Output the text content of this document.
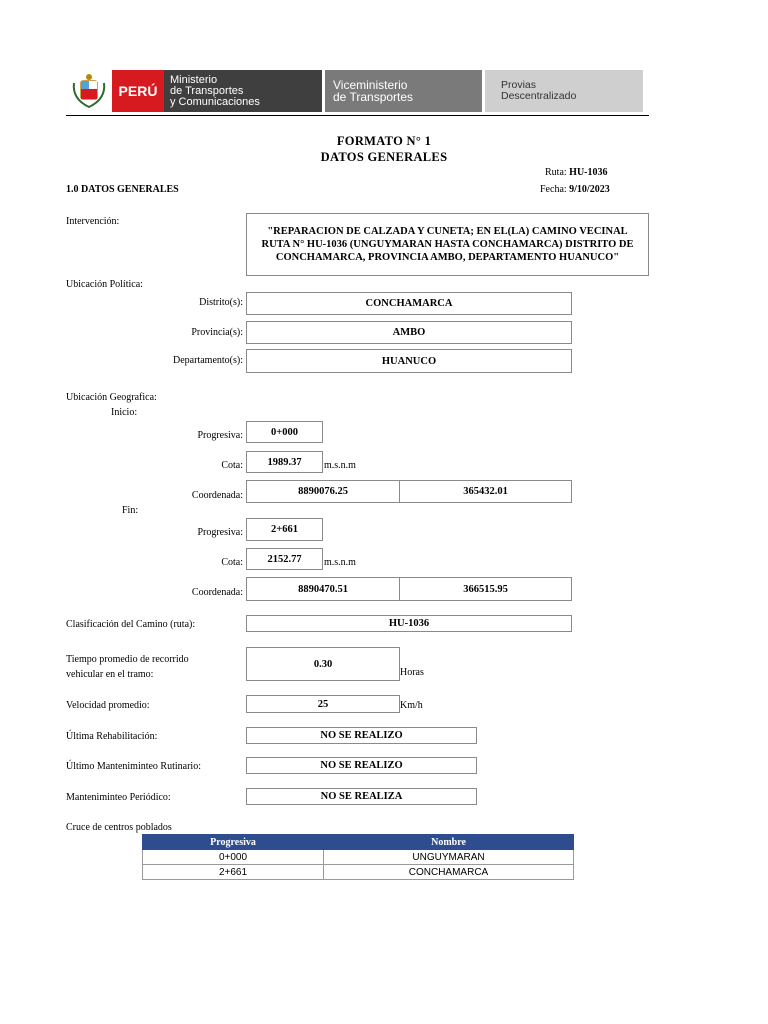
PERÚ
Ministerio
de Transportes
y Comunicaciones
Viceministerio
de Transportes
Provias
Descentralizado
FORMATO N° 1
DATOS GENERALES
Ruta: HU-1036
1.0 DATOS GENERALES	Fecha: 9/10/2023
Intervención:
"REPARACION DE CALZADA Y CUNETA; EN EL(LA) CAMINO VECINAL RUTA N° HU-1036 (UNGUYMARAN HASTA CONCHAMARCA) DISTRITO DE CONCHAMARCA, PROVINCIA AMBO, DEPARTAMENTO HUANUCO"
Ubicación Política:
Distrito(s):	CONCHAMARCA
Provincia(s):	AMBO
Departamento(s):	HUANUCO
Ubicación Geografica:
Inicio:
Progresiva:	0+000
Cota: 1989.37 m.s.n.m
Coordenada:	8890076.25	365432.01
Fin:
Progresiva:	2+661
Cota: 2152.77 m.s.n.m
Coordenada:	8890470.51	366515.95
Clasificación del Camino (ruta):	HU-1036
Tiempo promedio de recorrido
vehicular en el tramo:
0.30
Horas
Velocidad promedio:	25	Km/h
Última Rehabilitación:	NO SE REALIZO
Último Manteniminteo Rutinario:	NO SE REALIZO
Manteniminteo Periódico:	NO SE REALIZA
Cruce de centros poblados
Progresiva	Nombre
0+000	UNGUYMARAN
2+661	CONCHAMARCA
